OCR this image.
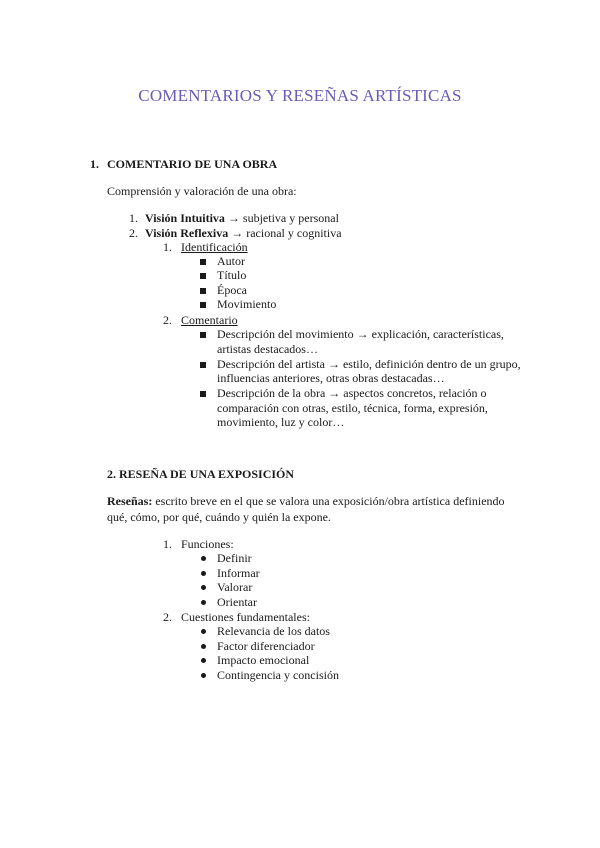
COMENTARIOS Y RESEÑAS ARTÍSTICAS
1. COMENTARIO DE UNA OBRA
Comprensión y valoración de una obra:
1. Visión Intuitiva → subjetiva y personal
2. Visión Reflexiva → racional y cognitiva
1. Identificación
Autor
Título
Época
Movimiento
2. Comentario
Descripción del movimiento → explicación, características,
artistas destacados…
Descripción del artista → estilo, definición dentro de un grupo,
influencias anteriores, otras obras destacadas…
Descripción de la obra → aspectos concretos, relación o
comparación con otras, estilo, técnica, forma, expresión,
movimiento, luz y color…
2. RESEÑA DE UNA EXPOSICIÓN
Reseñas: escrito breve en el que se valora una exposición/obra artística definiendo
qué, cómo, por qué, cuándo y quién la expone.
1. Funciones:
Definir
Informar
Valorar
Orientar
2. Cuestiones fundamentales:
Relevancia de los datos
Factor diferenciador
Impacto emocional
Contingencia y concisión
